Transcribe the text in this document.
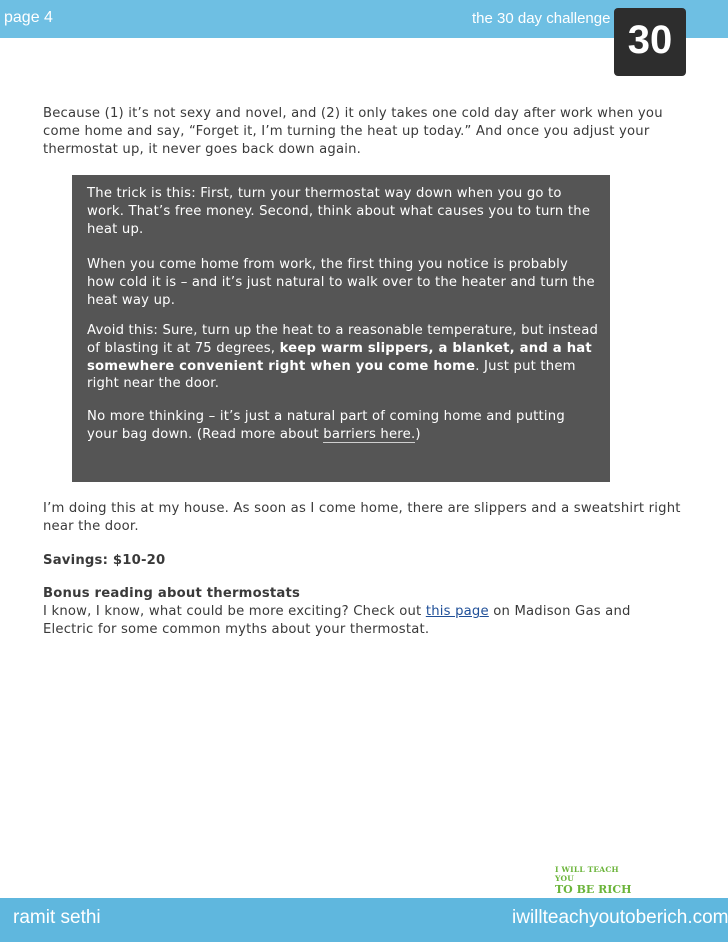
page 4	the 30 day challenge 30

Because (1) it’s not sexy and novel, and (2) it only takes one cold day after work when you come home and say, “Forget it, I’m turning the heat up today.” And once you adjust your thermostat up, it never goes back down again.

The trick is this: First, turn your thermostat way down when you go to work. That’s free money. Second, think about what causes you to turn the heat up.

When you come home from work, the first thing you notice is probably how cold it is – and it’s just natural to walk over to the heater and turn the heat way up.

Avoid this: Sure, turn up the heat to a reasonable temperature, but instead of blasting it at 75 degrees, keep warm slippers, a blanket, and a hat somewhere convenient right when you come home. Just put them right near the door.

No more thinking – it’s just a natural part of coming home and putting your bag down. (Read more about barriers here.)

I’m doing this at my house. As soon as I come home, there are slippers and a sweatshirt right near the door.

Savings: $10-20

Bonus reading about thermostats
I know, I know, what could be more exciting? Check out this page on Madison Gas and Electric for some common myths about your thermostat.

I WILL TEACH YOU
TO BE RICH
ramit sethi	iwillteachyoutoberich.com
